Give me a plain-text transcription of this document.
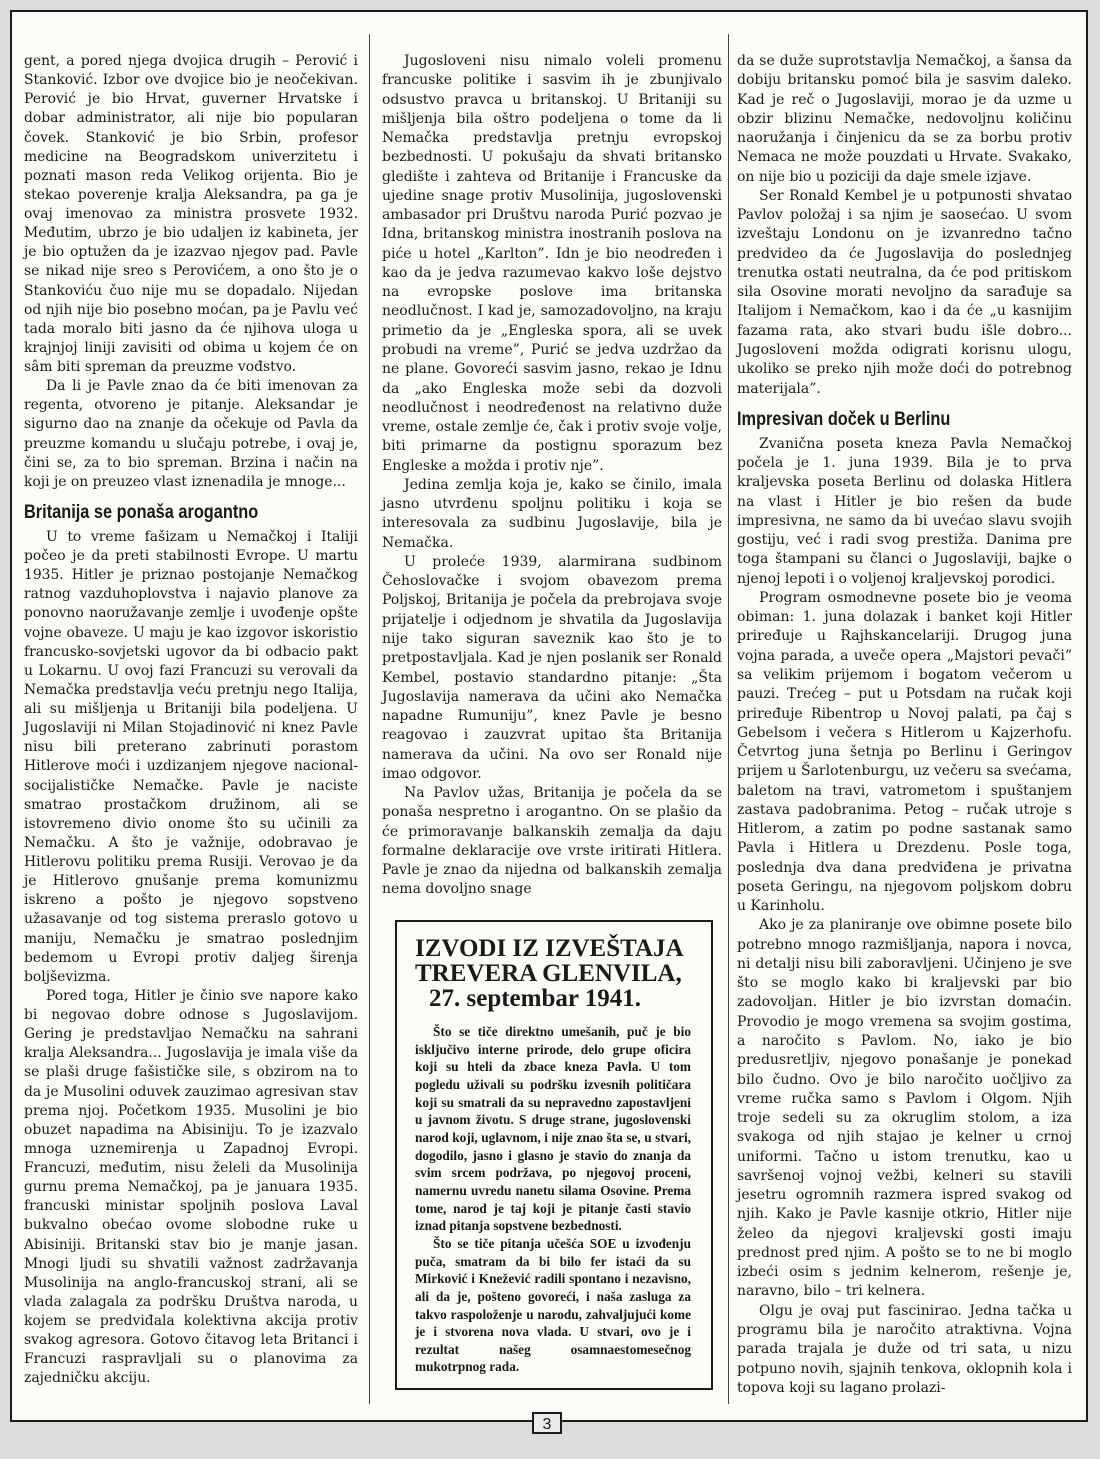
gent, a pored njega dvojica drugih – Perović i Stanković. Izbor ove dvojice bio je neočekivan. Perović je bio Hrvat, guverner Hrvatske i dobar administrator, ali nije bio popularan čovek. Stanković je bio Srbin, profesor medicine na Beogradskom univerzitetu i poznati mason reda Velikog orijenta. Bio je stekao poverenje kralja Aleksandra, pa ga je ovaj imenovao za ministra prosvete 1932. Međutim, ubrzo je bio udaljen iz kabineta, jer je bio optužen da je izazvao njegov pad. Pavle se nikad nije sreo s Perovićem, a ono što je o Stankoviću čuo nije mu se dopadalo. Nijedan od njih nije bio posebno moćan, pa je Pavlu već tada moralo biti jasno da će njihova uloga u krajnjoj liniji zavisiti od obima u kojem će on sâm biti spreman da preuzme vođstvo.

Da li je Pavle znao da će biti imenovan za regenta, otvoreno je pitanje. Aleksandar je sigurno dao na znanje da očekuje od Pavla da preuzme komandu u slučaju potrebe, i ovaj je, čini se, za to bio spreman. Brzina i način na koji je on preuzeo vlast iznenadila je mnoge...

Britanija se ponaša arogantno

U to vreme fašizam u Nemačkoj i Italiji počeo je da preti stabilnosti Evrope. U martu 1935. Hitler je priznao postojanje Nemačkog ratnog vazduhoplovstva i najavio planove za ponovno naoružavanje zemlje i uvođenje opšte vojne obaveze. U maju je kao izgovor iskoristio francusko-sovjetski ugovor da bi odbacio pakt u Lokarnu. U ovoj fazi Francuzi su verovali da Nemačka predstavlja veću pretnju nego Italija, ali su mišljenja u Britaniji bila podeljena. U Jugoslaviji ni Milan Stojadinović ni knez Pavle nisu bili preterano zabrinuti porastom Hitlerove moći i uzdizanjem njegove nacional-socijalističke Nemačke. Pavle je naciste smatrao prostačkom družinom, ali se istovremeno divio onome što su učinili za Nemačku. A što je važnije, odobravao je Hitlerovu politiku prema Rusiji. Verovao je da je Hitlerovo gnušanje prema komunizmu iskreno a pošto je njegovo sopstveno užasavanje od tog sistema preraslo gotovo u maniju, Nemačku je smatrao poslednjim bedemom u Evropi protiv daljeg širenja boljševizma.

Pored toga, Hitler je činio sve napore kako bi negovao dobre odnose s Jugoslavijom. Gering je predstavljao Nemačku na sahrani kralja Aleksandra... Jugoslavija je imala više da se plaši druge fašističke sile, s obzirom na to da je Musolini oduvek zauzimao agresivan stav prema njoj. Početkom 1935. Musolini je bio obuzet napadima na Abisiniju. To je izazvalo mnoga uznemirenja u Zapadnoj Evropi. Francuzi, međutim, nisu želeli da Musolinija gurnu prema Nemačkoj, pa je januara 1935. francuski ministar spoljnih poslova Laval bukvalno obećao ovome slobodne ruke u Abisiniji. Britanski stav bio je manje jasan. Mnogi ljudi su shvatili važnost zadržavanja Musolinija na anglo-francuskoj strani, ali se vlada zalagala za podršku Društva naroda, u kojem se predviđala kolektivna akcija protiv svakog agresora. Gotovo čitavog leta Britanci i Francuzi raspravljali su o planovima za zajedničku akciju.

Jugosloveni nisu nimalo voleli promenu francuske politike i sasvim ih je zbunjivalo odsustvo pravca u britanskoj. U Britaniji su mišljenja bila oštro podeljena o tome da li Nemačka predstavlja pretnju evropskoj bezbednosti. U pokušaju da shvati britansko gledište i zahteva od Britanije i Francuske da ujedine snage protiv Musolinija, jugoslovenski ambasador pri Društvu naroda Purić pozvao je Idna, britanskog ministra inostranih poslova na piće u hotel „Karlton”. Idn je bio neodređen i kao da je jedva razumevao kakvo loše dejstvo na evropske poslove ima britanska neodlučnost. I kad je, samozadovoljno, na kraju primetio da je „Engleska spora, ali se uvek probudi na vreme”, Purić se jedva uzdržao da ne plane. Govoreći sasvim jasno, rekao je Idnu da „ako Engleska može sebi da dozvoli neodlučnost i neodređenost na relativno duže vreme, ostale zemlje će, čak i protiv svoje volje, biti primarne da postignu sporazum bez Engleske a možda i protiv nje”.

Jedina zemlja koja je, kako se činilo, imala jasno utvrđenu spoljnu politiku i koja se interesovala za sudbinu Jugoslavije, bila je Nemačka.

U proleće 1939, alarmirana sudbinom Čehoslovačke i svojom obavezom prema Poljskoj, Britanija je počela da prebrojava svoje prijatelje i odjednom je shvatila da Jugoslavija nije tako siguran saveznik kao što je to pretpostavljala. Kad je njen poslanik ser Ronald Kembel, postavio standardno pitanje: „Šta Jugoslavija namerava da učini ako Nemačka napadne Rumuniju”, knez Pavle je besno reagovao i zauzvrat upitao šta Britanija namerava da učini. Na ovo ser Ronald nije imao odgovor.

Na Pavlov užas, Britanija je počela da se ponaša nespretno i arogantno. On se plašio da će primoravanje balkanskih zemalja da daju formalne deklaracije ove vrste iritirati Hitlera. Pavle je znao da nijedna od balkanskih zemalja nema dovoljno snage

da se duže suprotstavlja Nemačkoj, a šansa da dobiju britansku pomoć bila je sasvim daleko. Kad je reč o Jugoslaviji, morao je da uzme u obzir blizinu Nemačke, nedovoljnu količinu naoružanja i činjenicu da se za borbu protiv Nemaca ne može pouzdati u Hrvate. Svakako, on nije bio u poziciji da daje smele izjave.

Ser Ronald Kembel je u potpunosti shvatao Pavlov položaj i sa njim je saosećao. U svom izveštaju Londonu on je izvanredno tačno predvideo da će Jugoslavija do poslednjeg trenutka ostati neutralna, da će pod pritiskom sila Osovine morati nevoljno da sarađuje sa Italijom i Nemačkom, kao i da će „u kasnijim fazama rata, ako stvari budu išle dobro... Jugosloveni možda odigrati korisnu ulogu, ukoliko se preko njih može doći do potrebnog materijala”.

Impresivan doček u Berlinu

Zvanična poseta kneza Pavla Nemačkoj počela je 1. juna 1939. Bila je to prva kraljevska poseta Berlinu od dolaska Hitlera na vlast i Hitler je bio rešen da bude impresivna, ne samo da bi uvećao slavu svojih gostiju, već i radi svog prestiža. Danima pre toga štampani su članci o Jugoslaviji, bajke o njenoj lepoti i o voljenoj kraljevskoj porodici.

Program osmodnevne posete bio je veoma obiman: 1. juna dolazak i banket koji Hitler priređuje u Rajhskancelariji. Drugog juna vojna parada, a uveče opera „Majstori pevači” sa velikim prijemom i bogatom večerom u pauzi. Trećeg – put u Potsdam na ručak koji priređuje Ribentrop u Novoj palati, pa čaj s Gebelsom i večera s Hitlerom u Kajzerhofu. Četvrtog juna šetnja po Berlinu i Geringov prijem u Šarlotenburgu, uz večeru sa svećama, baletom na travi, vatrometom i spuštanjem zastava padobranima. Petog – ručak utroje s Hitlerom, a zatim po podne sastanak samo Pavla i Hitlera u Drezdenu. Posle toga, poslednja dva dana predviđena je privatna poseta Geringu, na njegovom poljskom dobru u Karinholu.

Ako je za planiranje ove obimne posete bilo potrebno mnogo razmišljanja, napora i novca, ni detalji nisu bili zaboravljeni. Učinjeno je sve što se moglo kako bi kraljevski par bio zadovoljan. Hitler je bio izvrstan domaćin. Provodio je mogo vremena sa svojim gostima, a naročito s Pavlom. No, iako je bio predusretljiv, njegovo ponašanje je ponekad bilo čudno. Ovo je bilo naročito uočljivo za vreme ručka samo s Pavlom i Olgom. Njih troje sedeli su za okruglim stolom, a iza svakoga od njih stajao je kelner u crnoj uniformi. Tačno u istom trenutku, kao u savršenoj vojnoj vežbi, kelneri su stavili jesetru ogromnih razmera ispred svakog od njih. Kako je Pavle kasnije otkrio, Hitler nije želeo da njegovi kraljevski gosti imaju prednost pred njim. A pošto se to ne bi moglo izbeći osim s jednim kelnerom, rešenje je, naravno, bilo – tri kelnera.

Olgu je ovaj put fascinirao. Jedna tačka u programu bila je naročito atraktivna. Vojna parada trajala je duže od tri sata, u nizu potpuno novih, sjajnih tenkova, oklopnih kola i topova koji su lagano prolazi-

IZVODI IZ IZVEŠTAJA
TREVERA GLENVILA,
27. septembar 1941.

Što se tiče direktno umešanih, puč je bio isključivo interne prirode, delo grupe oficira koji su hteli da zbace kneza Pavla. U tom pogledu uživali su podršku izvesnih političara koji su smatrali da su nepravedno zapostavljeni u javnom životu. S druge strane, jugoslovenski narod koji, uglavnom, i nije znao šta se, u stvari, dogodilo, jasno i glasno je stavio do znanja da svim srcem podržava, po njegovoj proceni, namernu uvredu nanetu silama Osovine. Prema tome, narod je taj koji je pitanje časti stavio iznad pitanja sopstvene bezbednosti.

Što se tiče pitanja učešća SOE u izvođenju puča, smatram da bi bilo fer istaći da su Mirković i Knežević radili spontano i nezavisno, ali da je, pošteno govoreći, i naša zasluga za takvo raspoloženje u narodu, zahvaljujući kome je i stvorena nova vlada. U stvari, ovo je i rezultat našeg osamnaestomesečnog mukotrpnog rada.

3
